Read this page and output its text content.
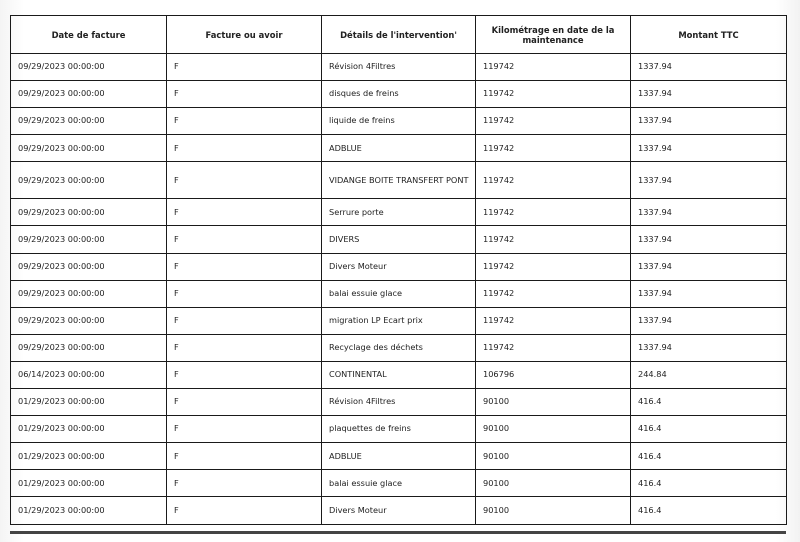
Date de facture	Facture ou avoir	Détails de l'intervention'	Kilométrage en date de la maintenance	Montant TTC
09/29/2023 00:00:00	F	Révision 4Filtres	119742	1337.94
09/29/2023 00:00:00	F	disques de freins	119742	1337.94
09/29/2023 00:00:00	F	liquide de freins	119742	1337.94
09/29/2023 00:00:00	F	ADBLUE	119742	1337.94
09/29/2023 00:00:00	F	VIDANGE BOITE TRANSFERT PONT	119742	1337.94
09/29/2023 00:00:00	F	Serrure porte	119742	1337.94
09/29/2023 00:00:00	F	DIVERS	119742	1337.94
09/29/2023 00:00:00	F	Divers Moteur	119742	1337.94
09/29/2023 00:00:00	F	balai essuie glace	119742	1337.94
09/29/2023 00:00:00	F	migration LP Ecart prix	119742	1337.94
09/29/2023 00:00:00	F	Recyclage des déchets	119742	1337.94
06/14/2023 00:00:00	F	CONTINENTAL	106796	244.84
01/29/2023 00:00:00	F	Révision 4Filtres	90100	416.4
01/29/2023 00:00:00	F	plaquettes de freins	90100	416.4
01/29/2023 00:00:00	F	ADBLUE	90100	416.4
01/29/2023 00:00:00	F	balai essuie glace	90100	416.4
01/29/2023 00:00:00	F	Divers Moteur	90100	416.4
